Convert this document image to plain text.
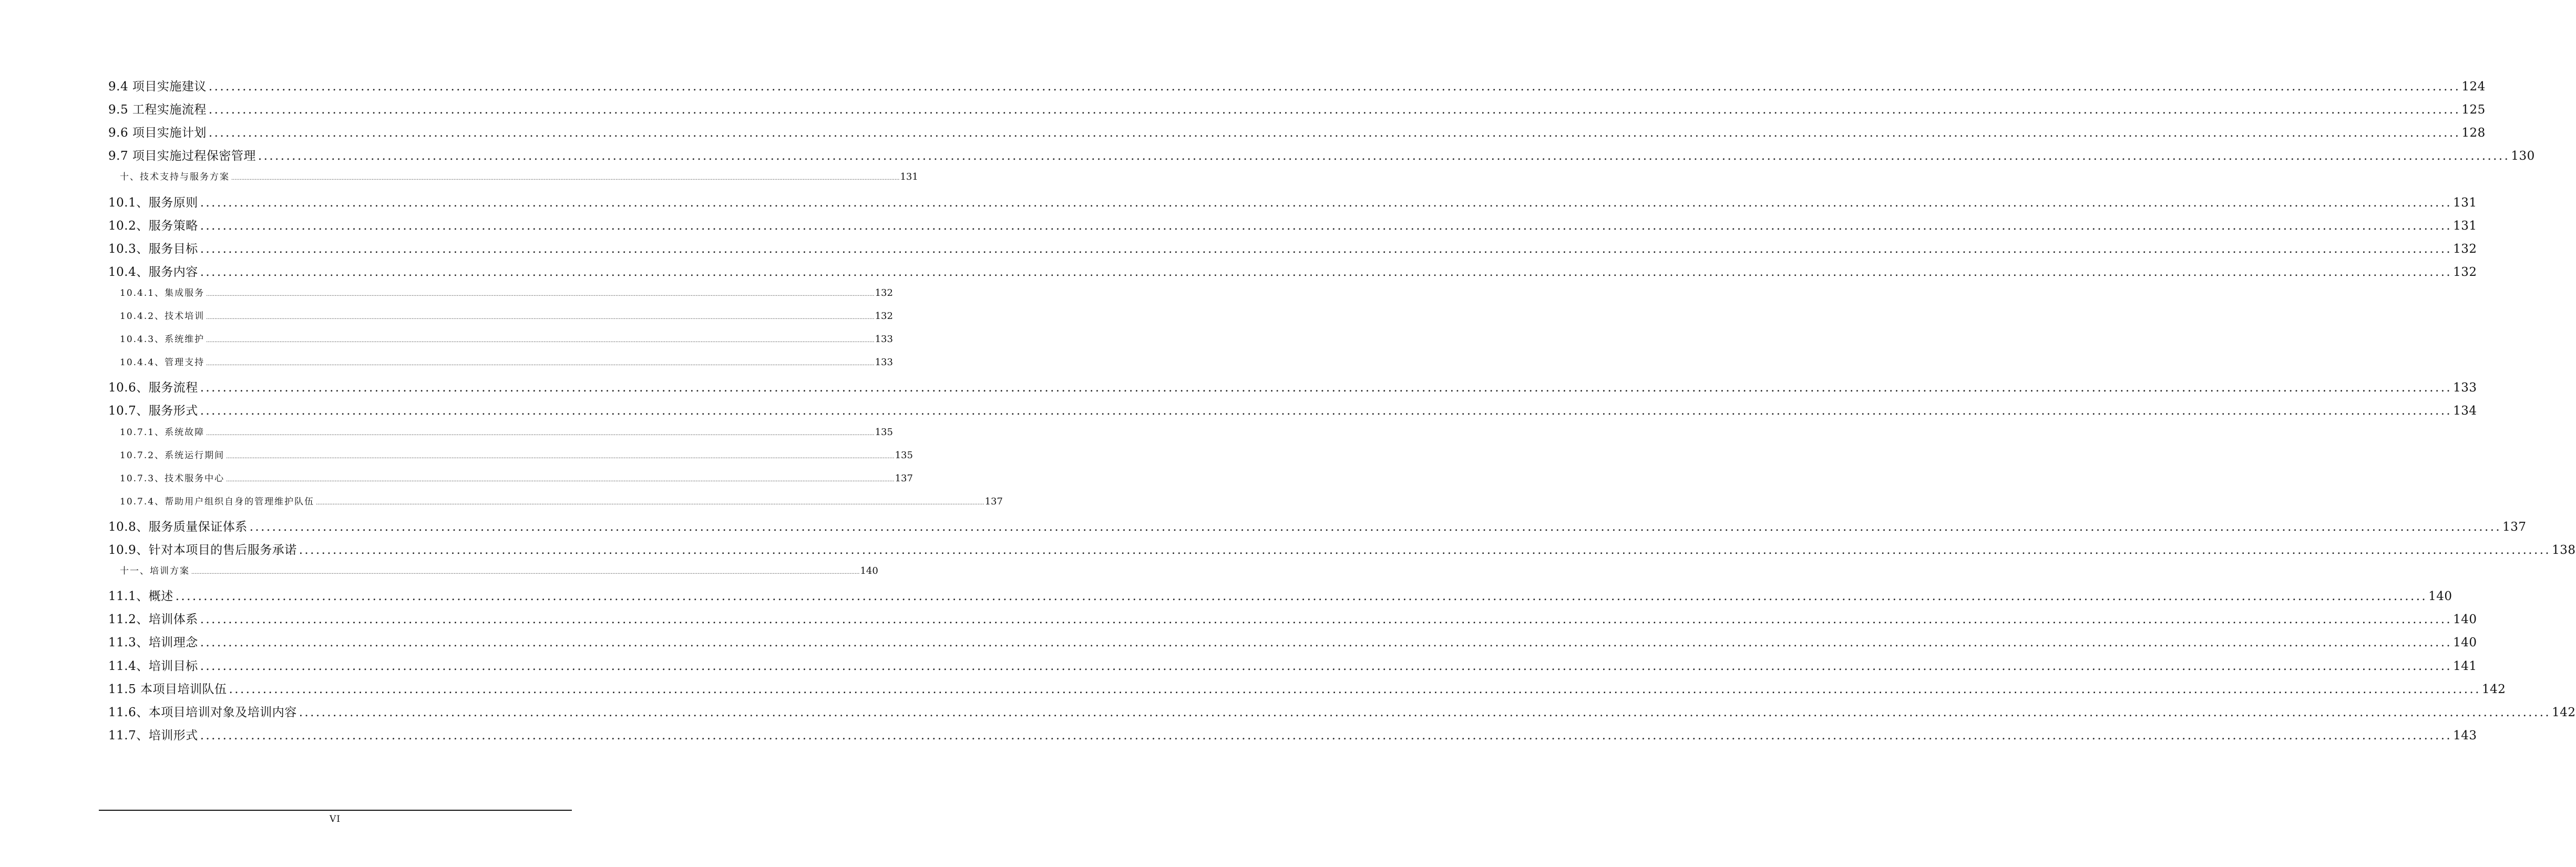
9.4 项目实施建议 ................................................................................................................................................................................................................................................................................................................................................................................................................ 124
9.5 工程实施流程 ................................................................................................................................................................................................................................................................................................................................................................................................................ 125
9.6 项目实施计划 ................................................................................................................................................................................................................................................................................................................................................................................................................ 128
9.7 项目实施过程保密管理 ................................................................................................................................................................................................................................................................................................................................................................................................................ 130
十、技术支持与服务方案 ................................................................................................................................................................................................................................................................................................................................................................................................................ 131
10.1、服务原则 ................................................................................................................................................................................................................................................................................................................................................................................................................ 131
10.2、服务策略 ................................................................................................................................................................................................................................................................................................................................................................................................................ 131
10.3、服务目标 ................................................................................................................................................................................................................................................................................................................................................................................................................ 132
10.4、服务内容 ................................................................................................................................................................................................................................................................................................................................................................................................................ 132
10.4.1、集成服务 ................................................................................................................................................................................................................................................................................................................................................................................................................ 132
10.4.2、技术培训 ................................................................................................................................................................................................................................................................................................................................................................................................................ 132
10.4.3、系统维护 ................................................................................................................................................................................................................................................................................................................................................................................................................ 133
10.4.4、管理支持 ................................................................................................................................................................................................................................................................................................................................................................................................................ 133
10.6、服务流程 ................................................................................................................................................................................................................................................................................................................................................................................................................ 133
10.7、服务形式 ................................................................................................................................................................................................................................................................................................................................................................................................................ 134
10.7.1、系统故障 ................................................................................................................................................................................................................................................................................................................................................................................................................ 135
10.7.2、系统运行期间 ................................................................................................................................................................................................................................................................................................................................................................................................................ 135
10.7.3、技术服务中心 ................................................................................................................................................................................................................................................................................................................................................................................................................ 137
10.7.4、帮助用户组织自身的管理维护队伍 ................................................................................................................................................................................................................................................................................................................................................................................................................ 137
10.8、服务质量保证体系 ................................................................................................................................................................................................................................................................................................................................................................................................................ 137
10.9、针对本项目的售后服务承诺 ................................................................................................................................................................................................................................................................................................................................................................................................................ 138
十一、培训方案 ................................................................................................................................................................................................................................................................................................................................................................................................................ 140
11.1、概述 ................................................................................................................................................................................................................................................................................................................................................................................................................ 140
11.2、培训体系 ................................................................................................................................................................................................................................................................................................................................................................................................................ 140
11.3、培训理念 ................................................................................................................................................................................................................................................................................................................................................................................................................ 140
11.4、培训目标 ................................................................................................................................................................................................................................................................................................................................................................................................................ 141
11.5 本项目培训队伍 ................................................................................................................................................................................................................................................................................................................................................................................................................ 142
11.6、本项目培训对象及培训内容 ................................................................................................................................................................................................................................................................................................................................................................................................................ 142
11.7、培训形式 ................................................................................................................................................................................................................................................................................................................................................................................................................ 143
VI
